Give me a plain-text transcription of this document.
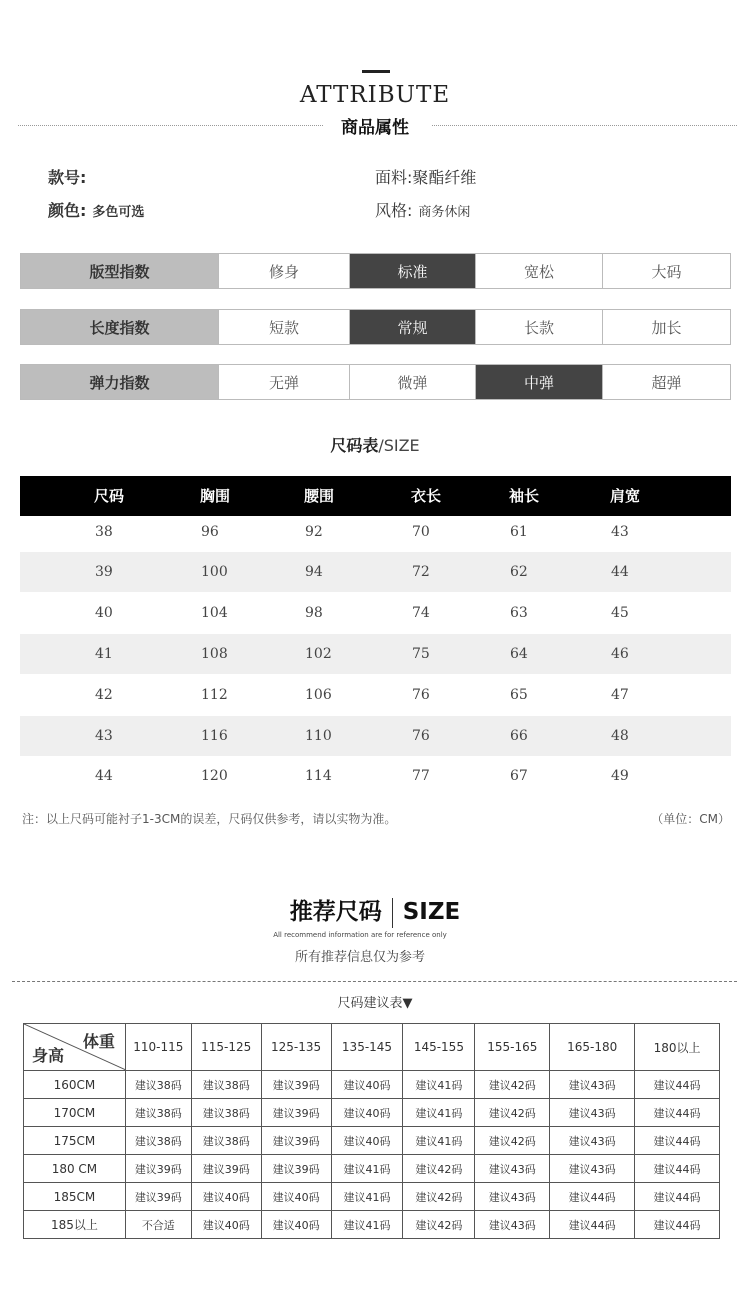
ATTRIBUTE
商品属性
款号:	面料:聚酯纤维
颜色: 多色可选	风格: 商务休闲
版型指数	修身	标准	宽松	大码
长度指数	短款	常规	长款	加长
弹力指数	无弹	微弹	中弹	超弹
尺码表/SIZE
尺码	胸围	腰围	衣长	袖长	肩宽
38	96	92	70	61	43
39	100	94	72	62	44
40	104	98	74	63	45
41	108	102	75	64	46
42	112	106	76	65	47
43	116	110	76	66	48
44	120	114	77	67	49
注：以上尺码可能衬子1-3CM的误差，尺码仅供参考，请以实物为准。	（单位：CM）
推荐尺码 SIZE
All recommend information are for reference only
所有推荐信息仅为参考
尺码建议表▼
体重
身高	110-115	115-125	125-135	135-145	145-155	155-165	165-180	180以上
160CM	建议38码	建议38码	建议39码	建议40码	建议41码	建议42码	建议43码	建议44码
170CM	建议38码	建议38码	建议39码	建议40码	建议41码	建议42码	建议43码	建议44码
175CM	建议38码	建议38码	建议39码	建议40码	建议41码	建议42码	建议43码	建议44码
180 CM	建议39码	建议39码	建议39码	建议41码	建议42码	建议43码	建议43码	建议44码
185CM	建议39码	建议40码	建议40码	建议41码	建议42码	建议43码	建议44码	建议44码
185以上	不合适	建议40码	建议40码	建议41码	建议42码	建议43码	建议44码	建议44码
